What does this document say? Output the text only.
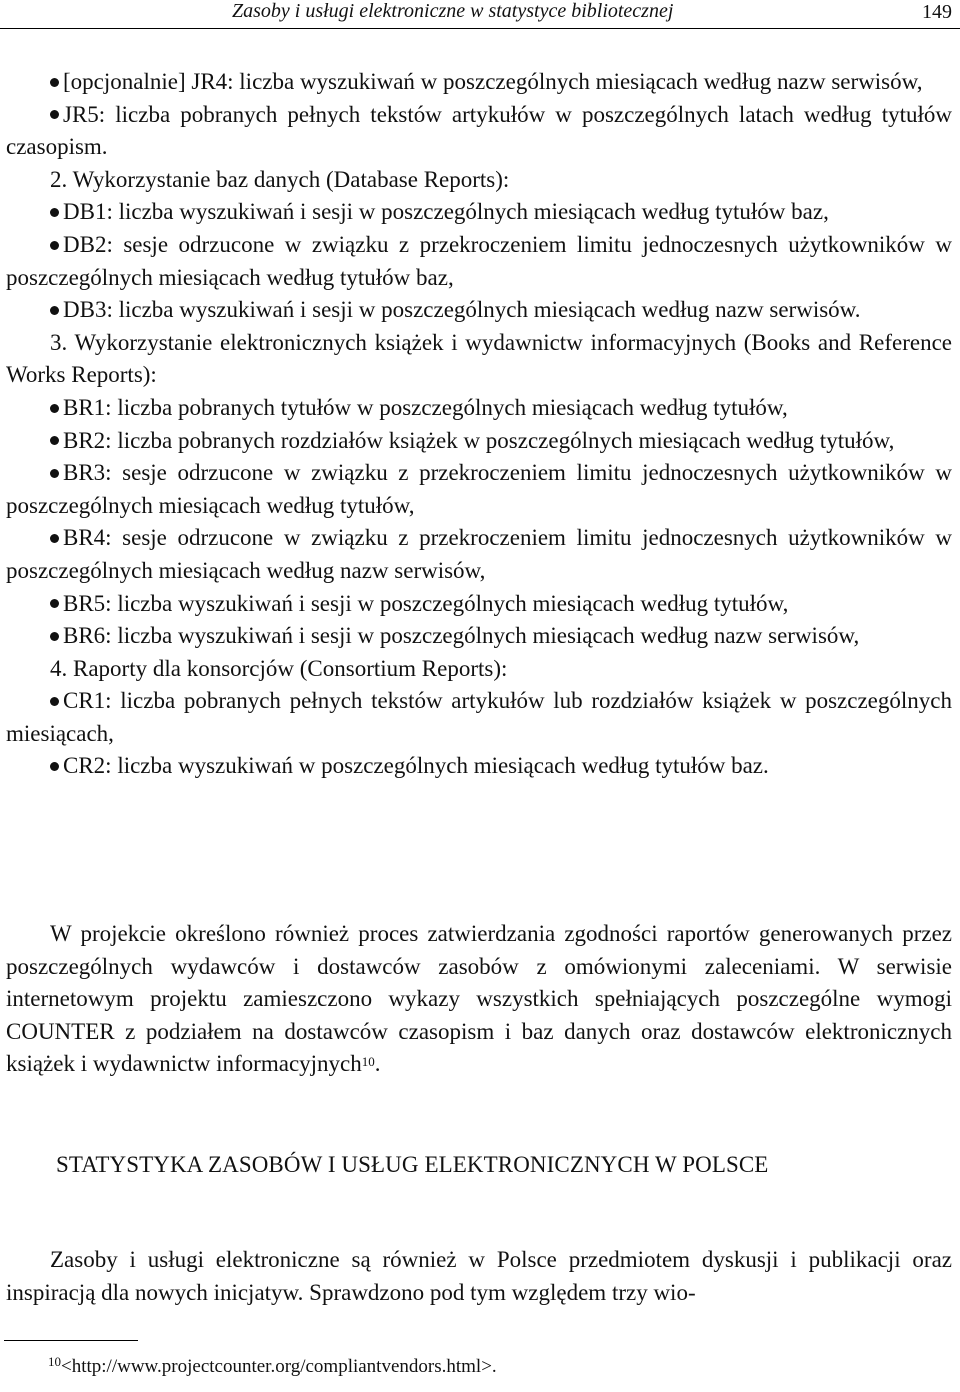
Zasoby i usługi elektroniczne w statystyce bibliotecznej	149

[opcjonalnie] JR4: liczba wyszukiwań w poszczególnych miesiącach według nazw serwisów,

JR5: liczba pobranych pełnych tekstów artykułów w poszczególnych latach według tytułów czasopism.

2. Wykorzystanie baz danych (Database Reports):

DB1: liczba wyszukiwań i sesji w poszczególnych miesiącach według tytułów baz,

DB2: sesje odrzucone w związku z przekroczeniem limitu jednoczesnych użytkowników w poszczególnych miesiącach według tytułów baz,

DB3: liczba wyszukiwań i sesji w poszczególnych miesiącach według nazw serwisów.

3. Wykorzystanie elektronicznych książek i wydawnictw informacyjnych (Books and Reference Works Reports):

BR1: liczba pobranych tytułów w poszczególnych miesiącach według tytułów,

BR2: liczba pobranych rozdziałów książek w poszczególnych miesiącach według tytułów,

BR3: sesje odrzucone w związku z przekroczeniem limitu jednoczesnych użytkowników w poszczególnych miesiącach według tytułów,

BR4: sesje odrzucone w związku z przekroczeniem limitu jednoczesnych użytkowników w poszczególnych miesiącach według nazw serwisów,

BR5: liczba wyszukiwań i sesji w poszczególnych miesiącach według tytułów,

BR6: liczba wyszukiwań i sesji w poszczególnych miesiącach według nazw serwisów,

4. Raporty dla konsorcjów (Consortium Reports):

CR1: liczba pobranych pełnych tekstów artykułów lub rozdziałów książek w poszczególnych miesiącach,

CR2: liczba wyszukiwań w poszczególnych miesiącach według tytułów baz.

W projekcie określono również proces zatwierdzania zgodności raportów generowanych przez poszczególnych wydawców i dostawców zasobów z omówionymi zaleceniami. W serwisie internetowym projektu zamieszczono wykazy wszystkich spełniających poszczególne wymogi COUNTER z podziałem na dostawców czasopism i baz danych oraz dostawców elektronicznych książek i wydawnictw informacyjnych$^{10}$.

STATYSTYKA ZASOBÓW I USŁUG ELEKTRONICZNYCH W POLSCE

Zasoby i usługi elektroniczne są również w Polsce przedmiotem dyskusji i publikacji oraz inspiracją dla nowych inicjatyw. Sprawdzono pod tym względem trzy wio-

$^{10}$<http://www.projectcounter.org/compliantvendors.html>.
